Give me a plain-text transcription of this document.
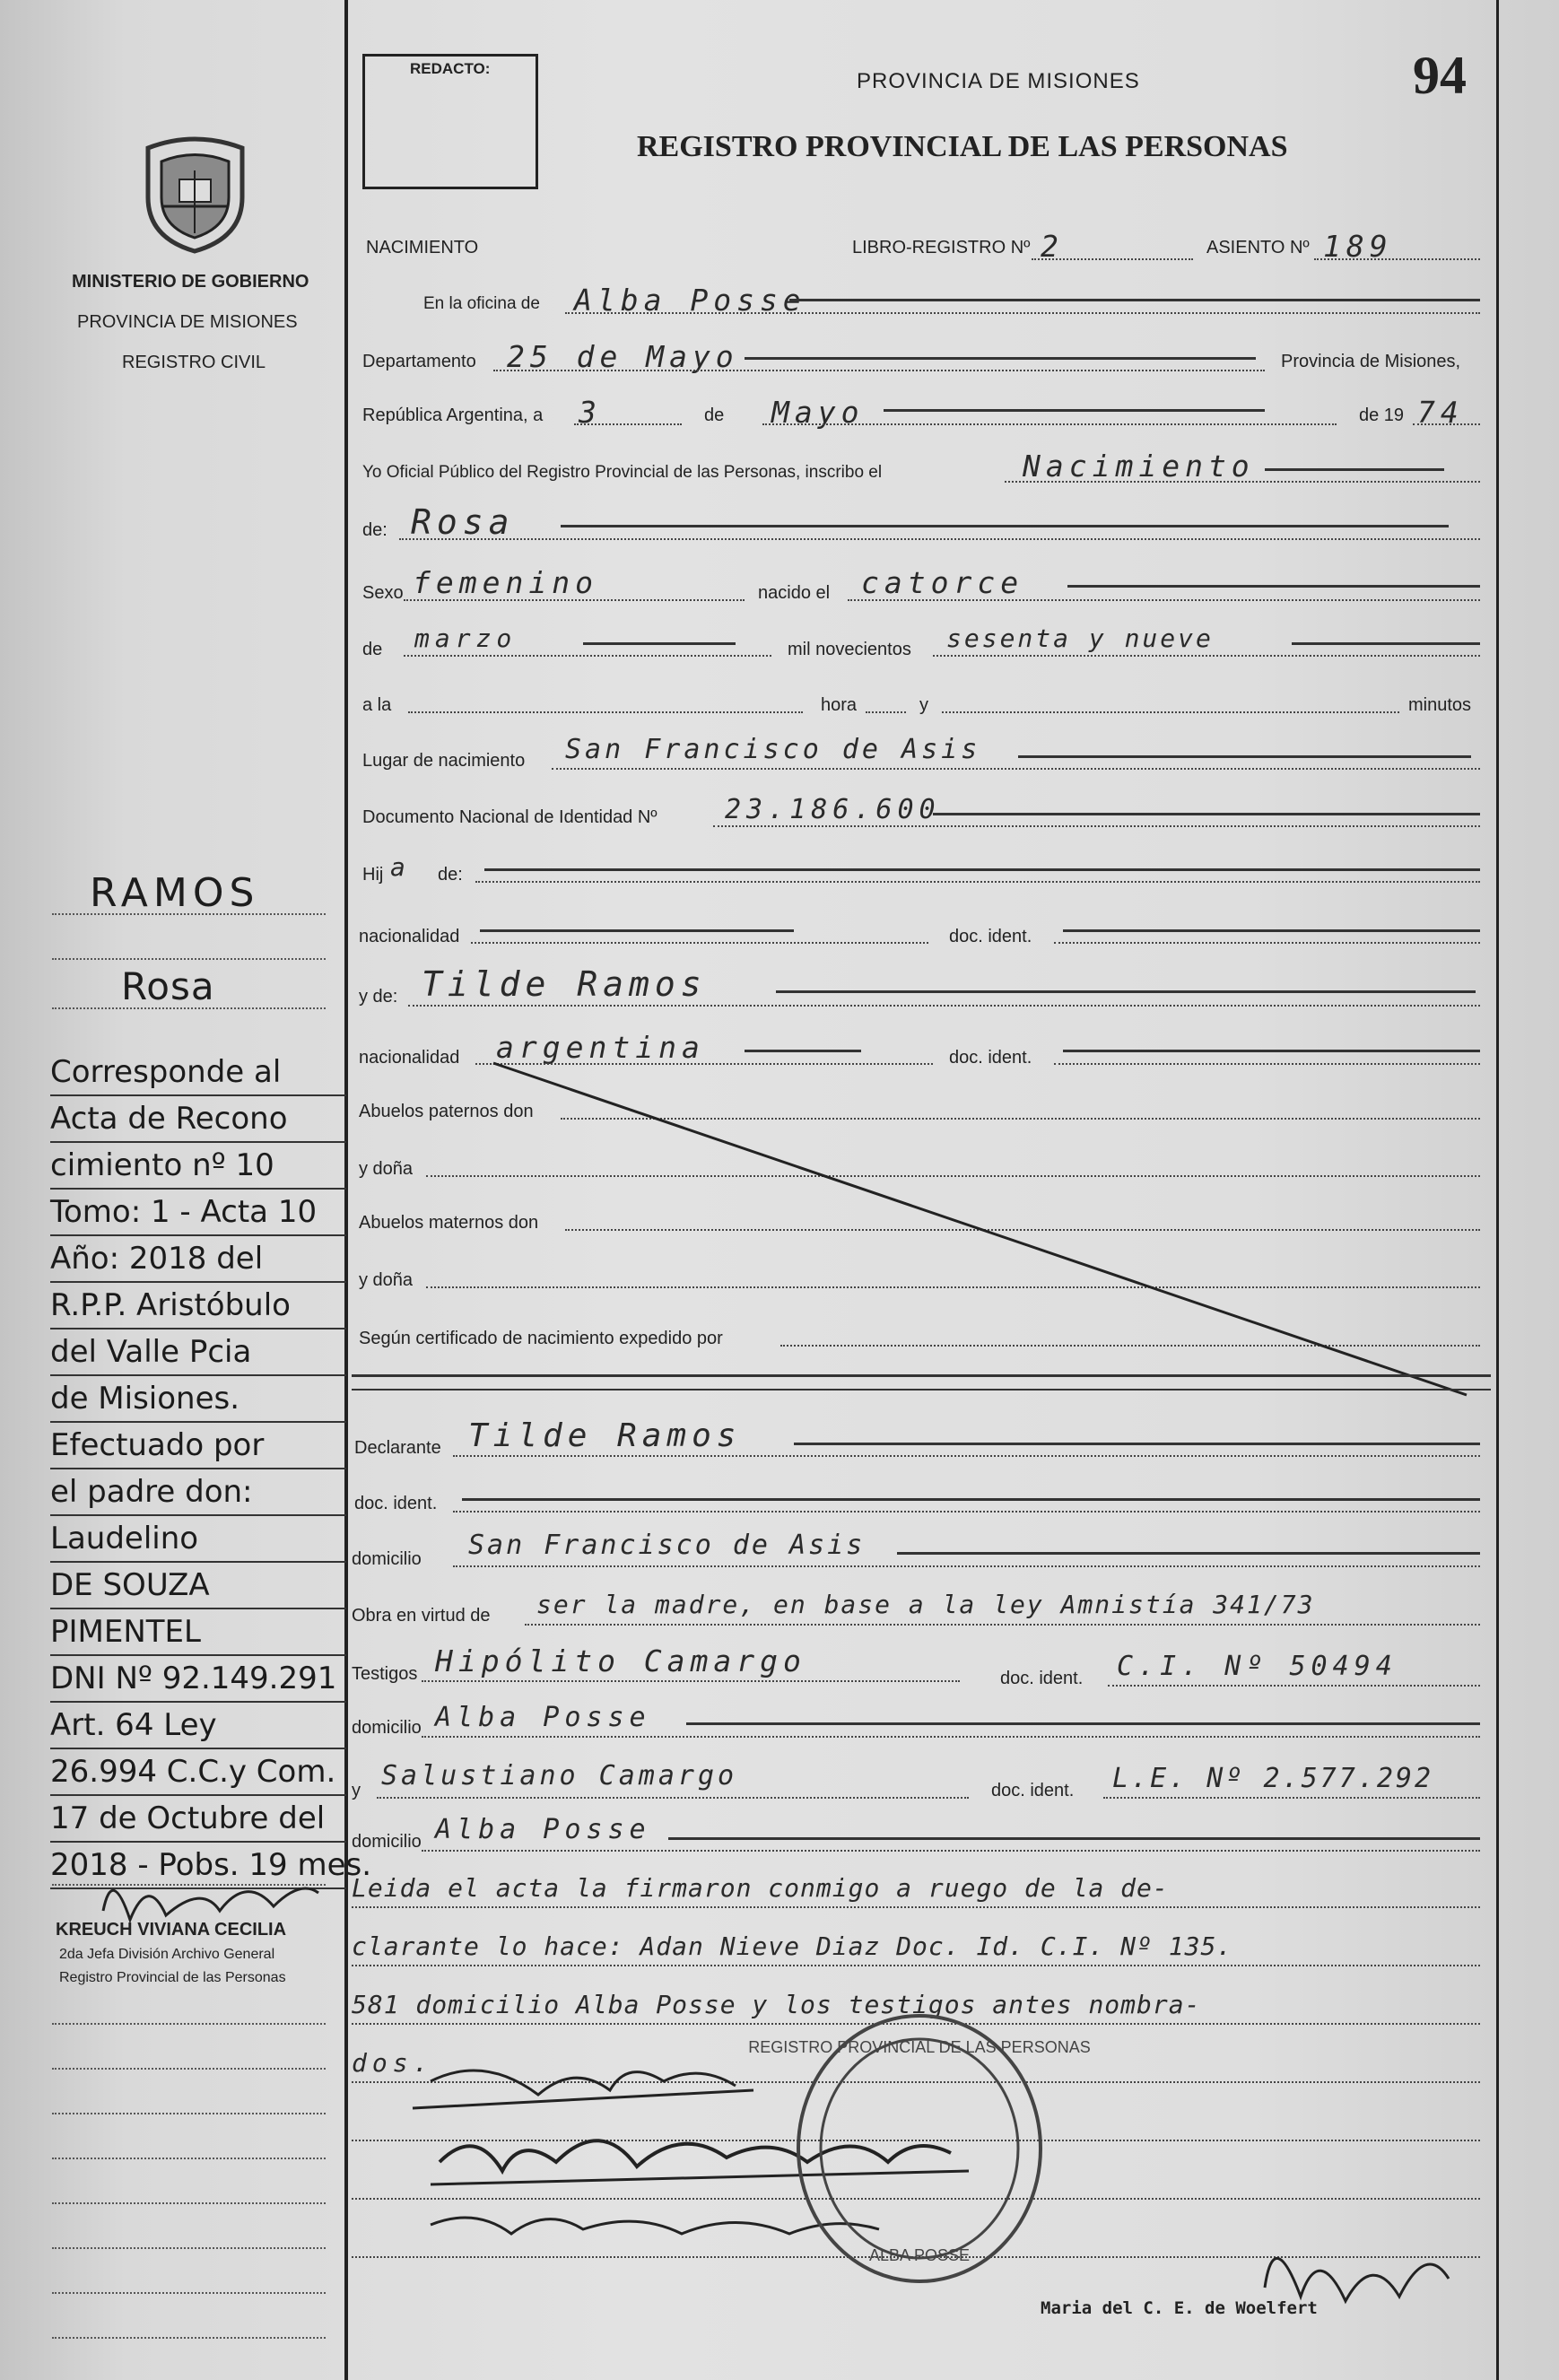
MINISTERIO DE GOBIERNO
PROVINCIA DE MISIONES
REGISTRO CIVIL
REDACTO:
PROVINCIA DE MISIONES
REGISTRO PROVINCIAL DE LAS PERSONAS
94
NACIMIENTO	LIBRO-REGISTRO Nº 2	ASIENTO Nº 189
En la oficina de Alba Posse
Departamento 25 de Mayo	Provincia de Misiones,
República Argentina, a 3	de Mayo	de 19 74
Yo Oficial Público del Registro Provincial de las Personas, inscribo el	Nacimiento
de: Rosa
Sexo femenino	nacido el catorce
de marzo	mil novecientos sesenta y nueve
a la	hora	y	minutos
Lugar de nacimiento San Francisco de Asis
Documento Nacional de Identidad Nº	23.186.600
Hij a de:
nacionalidad	doc. ident.
y de: Tilde Ramos
nacionalidad argentina	doc. ident.
Abuelos paternos don
y doña
Abuelos maternos don
y doña
Según certificado de nacimiento expedido por
Declarante Tilde Ramos
doc. ident.
domicilio San Francisco de Asis
Obra en virtud de ser la madre, en base a la ley Amnistía 341/73
Testigos Hipólito Camargo	doc. ident. C.I. Nº 50494
domicilio Alba Posse
y Salustiano Camargo	doc. ident. L.E. Nº 2.577.292
domicilio Alba Posse
Leida el acta la firmaron conmigo a ruego de la de-
clarante lo hace: Adan Nieve Diaz Doc. Id. C.I. Nº 135.
581 domicilio Alba Posse y los testigos antes nombra-
dos.
REGISTRO PROVINCIAL DE LAS PERSONAS
ALBA POSSE
Maria del C. E. de Woelfert
RAMOS
Rosa
Corresponde al
Acta de Recono
cimiento nº 10
Tomo: 1 - Acta 10
Año: 2018 del
R.P.P. Aristóbulo
del Valle Pcia
de Misiones.
Efectuado por
el padre don:
Laudelino
DE SOUZA
PIMENTEL
DNI Nº 92.149.291
Art. 64 Ley
26.994 C.C.y Com.
17 de Octubre del
2018 - Pobs. 19 mes.
KREUCH VIVIANA CECILIA
2da Jefa División Archivo General
Registro Provincial de las Personas
